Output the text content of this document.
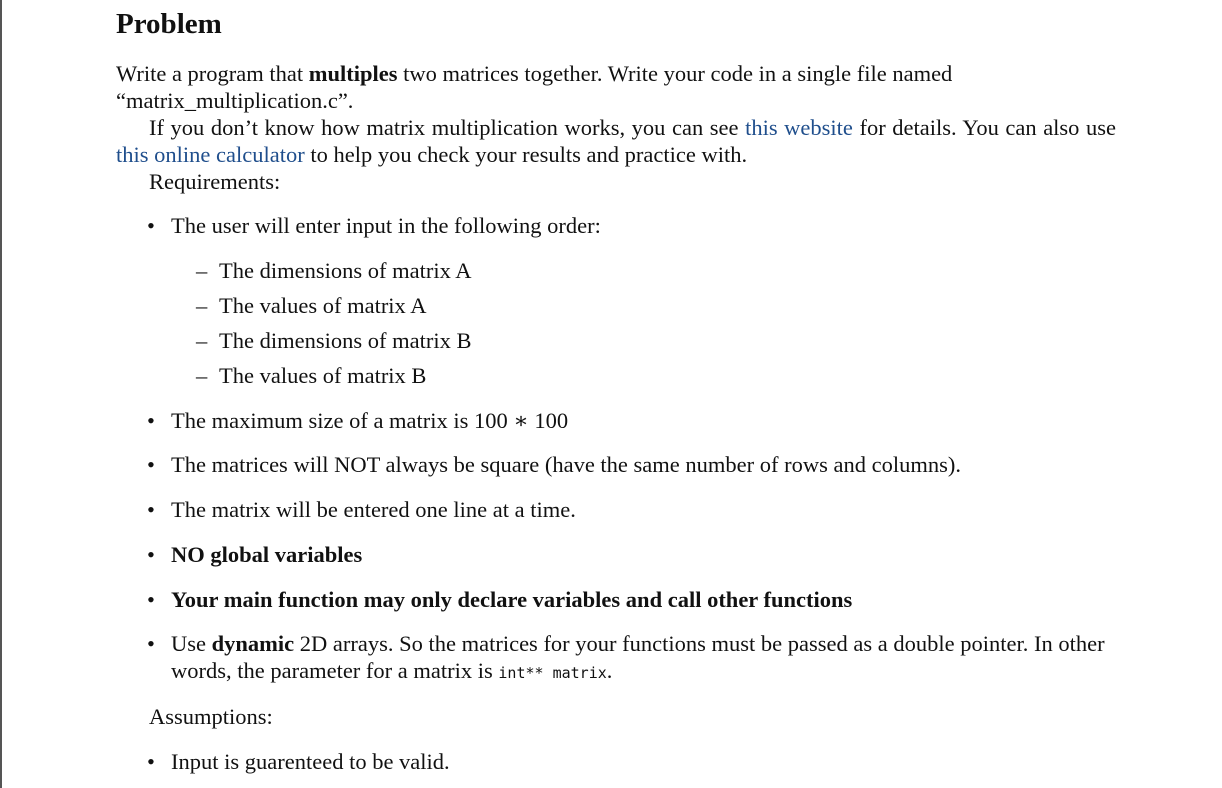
Problem

Write a program that multiples two matrices together. Write your code in a single file named
“matrix_multiplication.c”.

If you don’t know how matrix multiplication works, you can see this website for details. You can also use this online calculator to help you check your results and practice with.

Requirements:

• The user will enter input in the following order:
– The dimensions of matrix A
– The values of matrix A
– The dimensions of matrix B
– The values of matrix B
• The maximum size of a matrix is 100 ∗ 100
• The matrices will NOT always be square (have the same number of rows and columns).
• The matrix will be entered one line at a time.
• NO global variables
• Your main function may only declare variables and call other functions
• Use dynamic 2D arrays. So the matrices for your functions must be passed as a double pointer. In other words, the parameter for a matrix is int** matrix.

Assumptions:

• Input is guarenteed to be valid.
